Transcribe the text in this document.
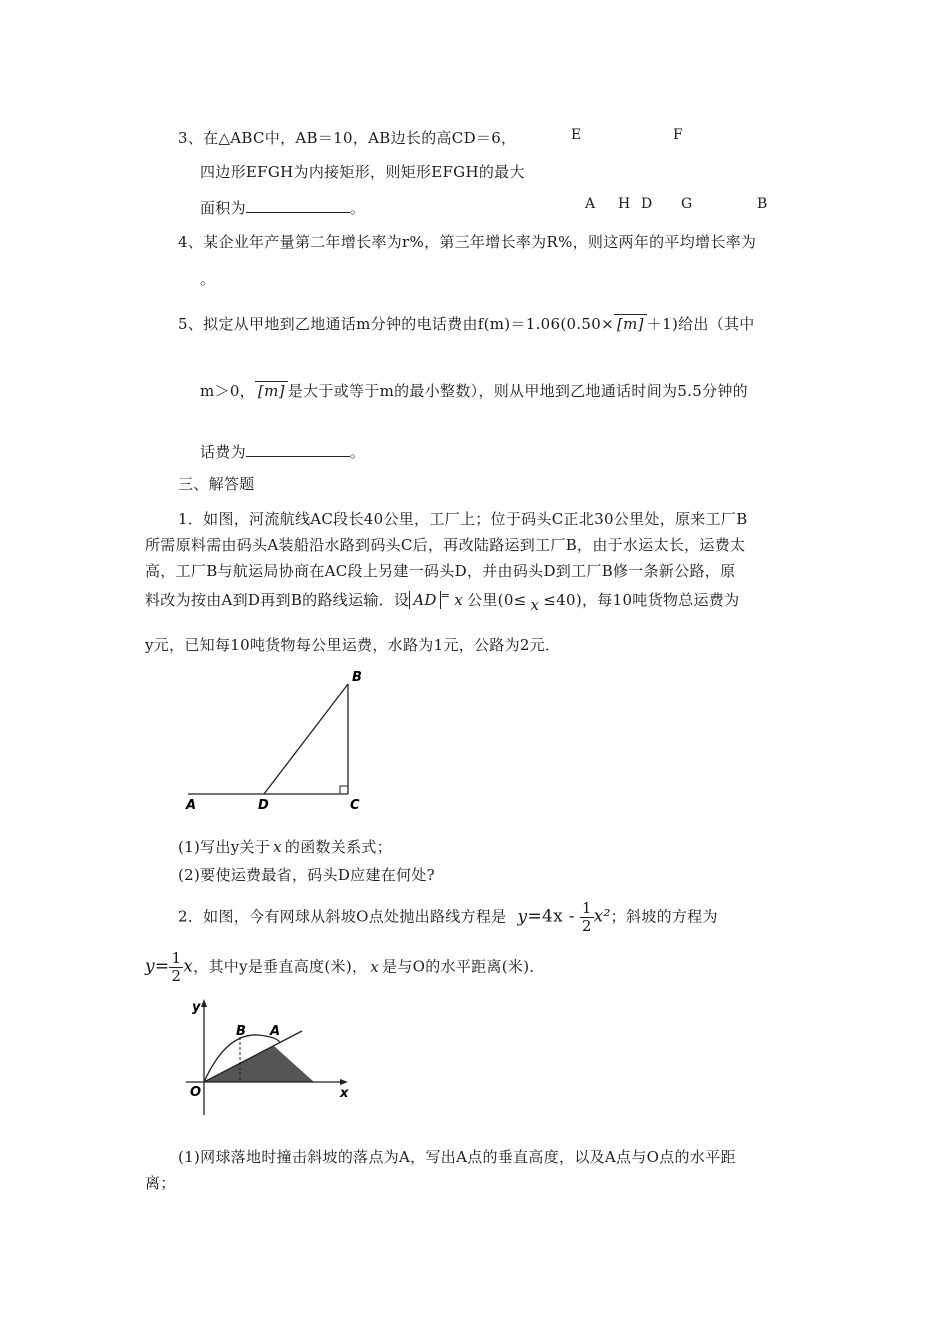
3、在△ABC中，AB＝10，AB边长的高CD＝6，
四边形EFGH为内接矩形，则矩形EFGH的最大
面积为	。
E	F
A H D G	B
4、某企业年产量第二年增长率为r%，第三年增长率为R%，则这两年的平均增长率为
。
5、拟定从甲地到乙地通话m分钟的电话费由f(m)＝1.06(0.50× [m] ＋1)给出（其中
m＞0， [m] 是大于或等于m的最小整数），则从甲地到乙地通话时间为5.5分钟的
话费为	。
三、解答题
1．如图，河流航线AC段长40公里，工厂上；位于码头C正北30公里处，原来工厂B
所需原料需由码头A装船沿水路到码头C后，再改陆路运到工厂B，由于水运太长，运费太
高，工厂B与航运局协商在AC段上另建一码头D，并由码头D到工厂B修一条新公路，原
料改为按由A到D再到B的路线运输．设 AD = x 公里(0≤ x ≤40)，每10吨货物总运费为
y元，已知每10吨货物每公里运费，水路为1元，公路为2元．
A	D	C
B
(1)写出y关于 x 的函数关系式；
(2)要使运费最省，码头D应建在何处?
2．如图，今有网球从斜坡O点处抛出路线方程是 $y=4x - \frac{1}{2} x^2$；斜坡的方程为
$y= \frac{1}{2}$ x，其中y是垂直高度(米)， x 是与O的水平距离(米)．
y
B A
O	x
(1)网球落地时撞击斜坡的落点为A，写出A点的垂直高度，以及A点与O点的水平距
离；
